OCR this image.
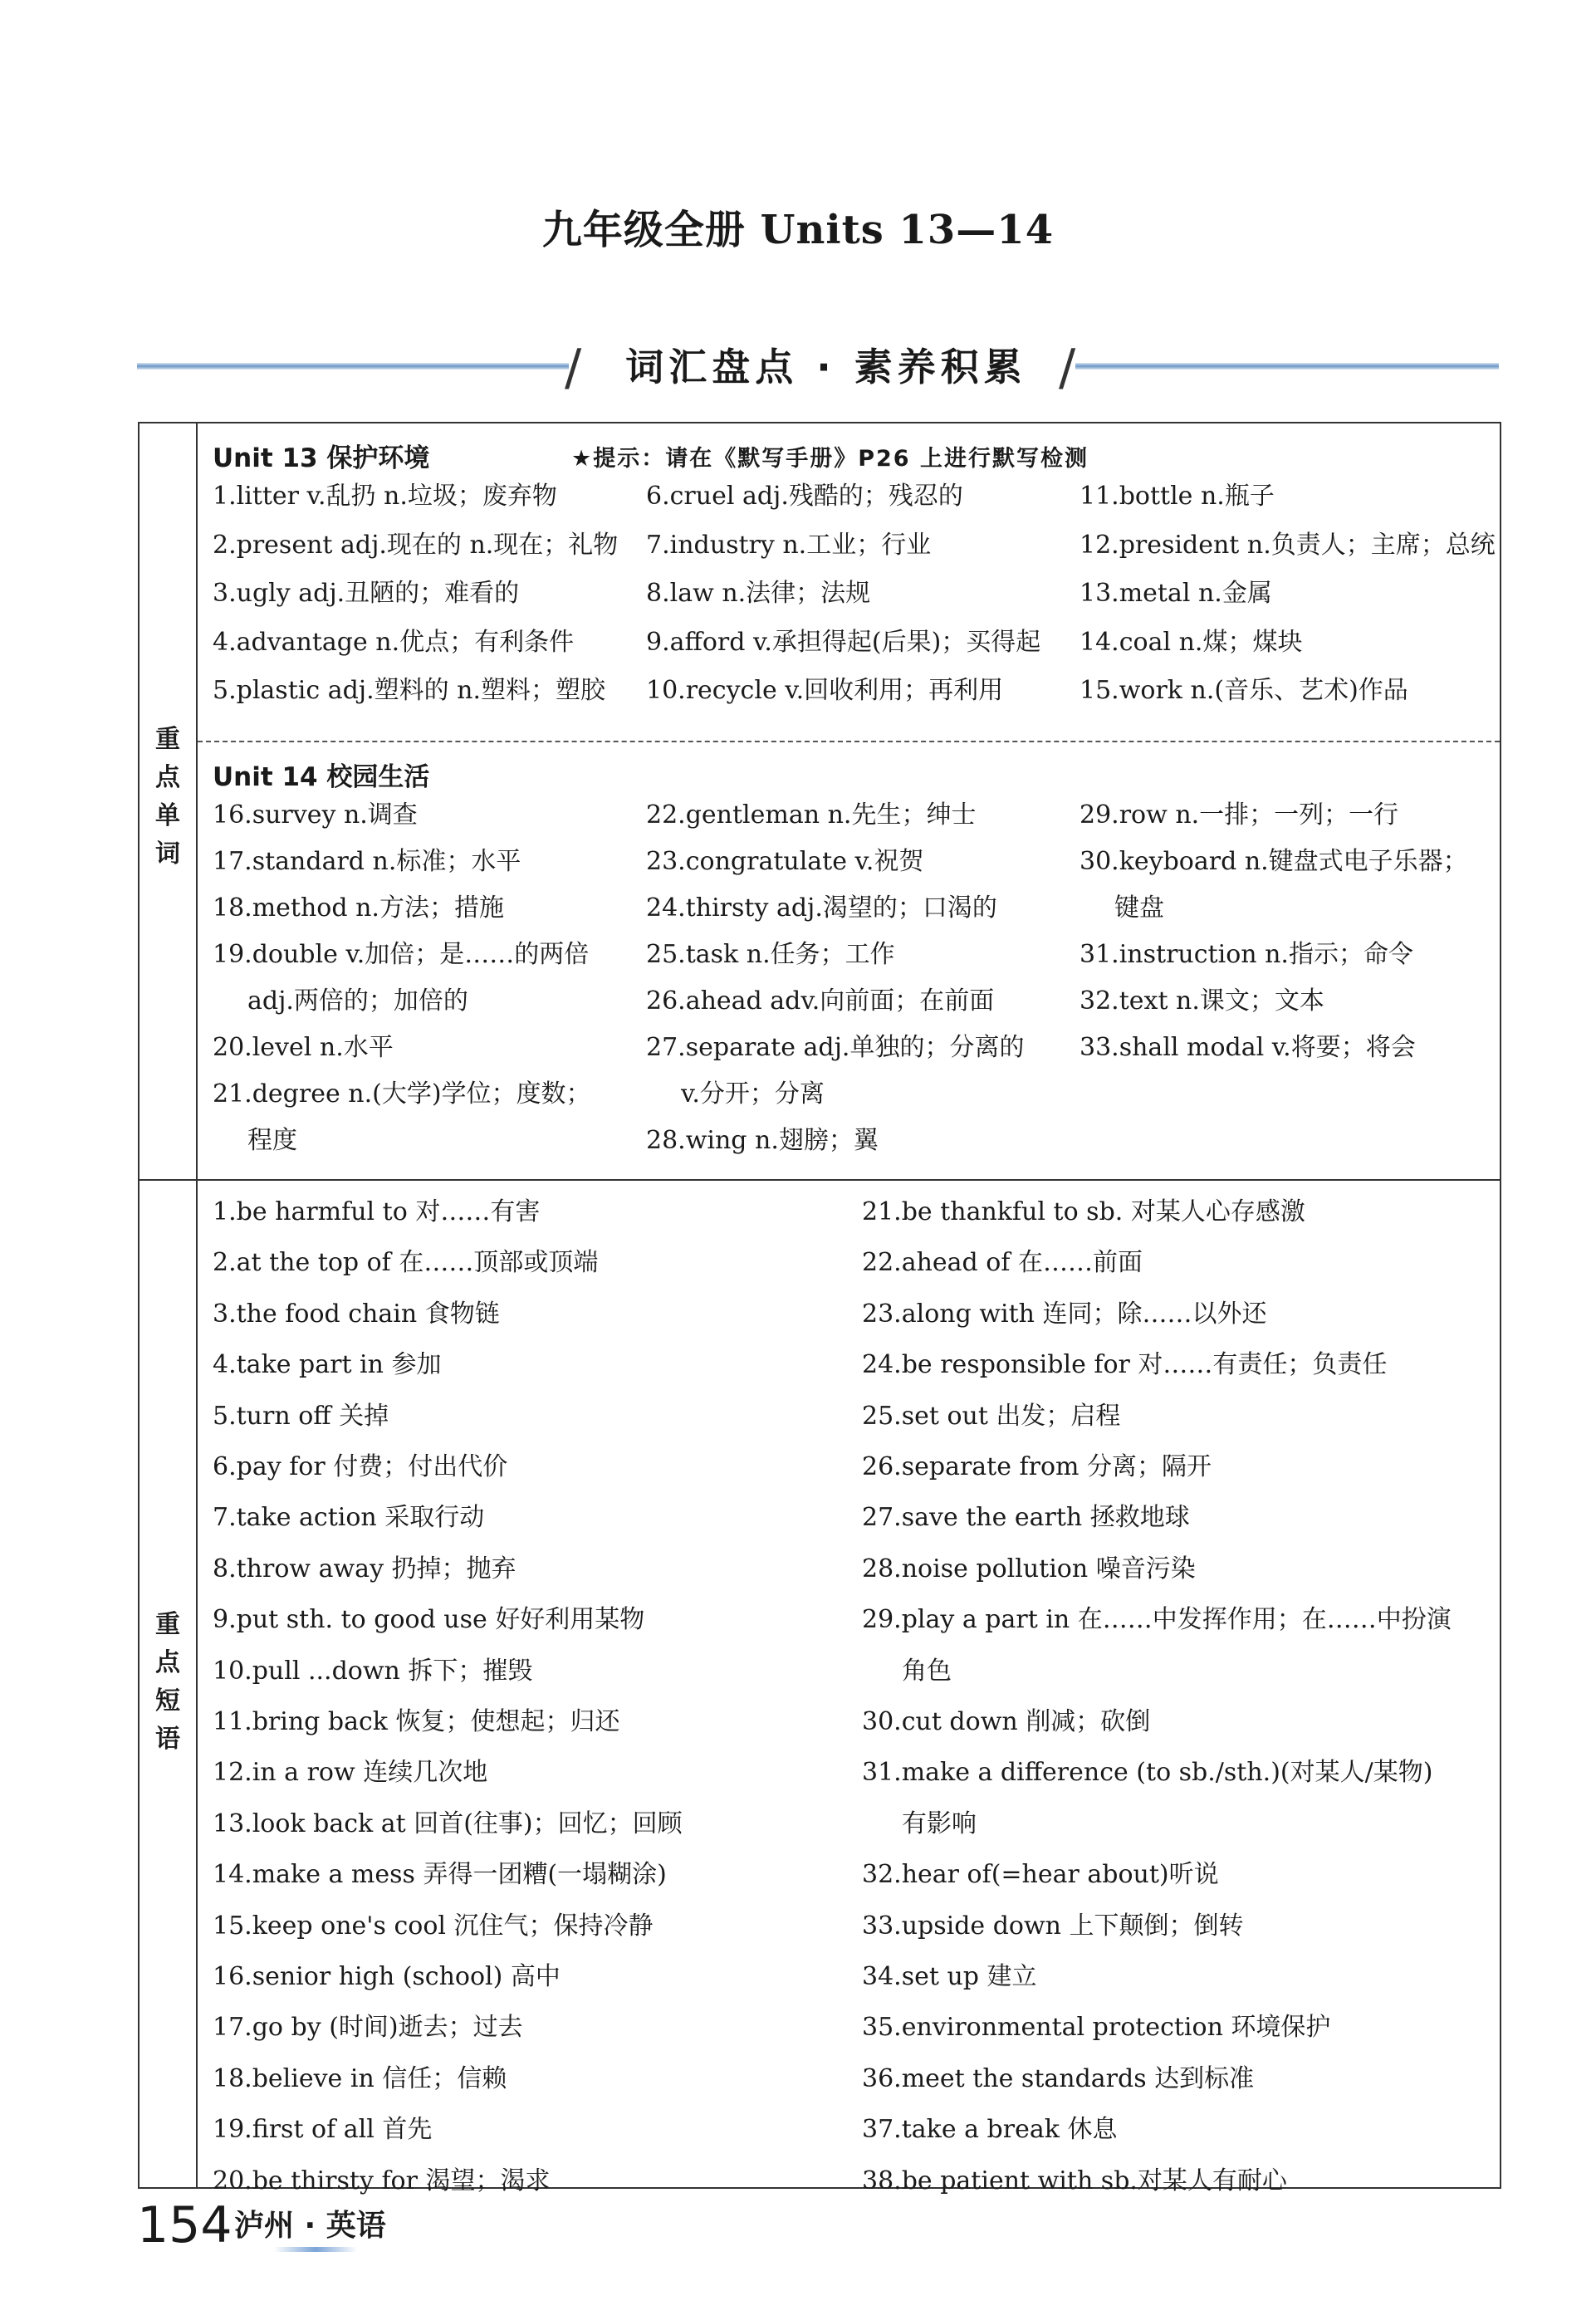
九年级全册 Units 13—14
/	词汇盘点 · 素养积累 /
重
点
单
词
重
点
短
语
Unit 13 保护环境	★提示：请在《默写手册》P26 上进行默写检测
1.litter v.乱扔 n.垃圾；废弃物
2.present adj.现在的 n.现在；礼物
3.ugly adj.丑陋的；难看的
4.advantage n.优点；有利条件
5.plastic adj.塑料的 n.塑料；塑胶
6.cruel adj.残酷的；残忍的
7.industry n.工业；行业
8.law n.法律；法规
9.afford v.承担得起(后果)；买得起
10.recycle v.回收利用；再利用
11.bottle n.瓶子
12.president n.负责人；主席；总统
13.metal n.金属
14.coal n.煤；煤块
15.work n.(音乐、艺术)作品
Unit 14 校园生活
16.survey n.调查
17.standard n.标准；水平
18.method n.方法；措施
19.double v.加倍；是……的两倍
adj.两倍的；加倍的
20.level n.水平
21.degree n.(大学)学位；度数；
程度
22.gentleman n.先生；绅士
23.congratulate v.祝贺
24.thirsty adj.渴望的；口渴的
25.task n.任务；工作
26.ahead adv.向前面；在前面
27.separate adj.单独的；分离的
v.分开；分离
28.wing n.翅膀；翼
29.row n.一排；一列；一行
30.keyboard n.键盘式电子乐器；
键盘
31.instruction n.指示；命令
32.text n.课文；文本
33.shall modal v.将要；将会
1.be harmful to 对……有害
2.at the top of 在……顶部或顶端
3.the food chain 食物链
4.take part in 参加
5.turn off 关掉
6.pay for 付费；付出代价
7.take action 采取行动
8.throw away 扔掉；抛弃
9.put sth. to good use 好好利用某物
10.pull ...down 拆下；摧毁
11.bring back 恢复；使想起；归还
12.in a row 连续几次地
13.look back at 回首(往事)；回忆；回顾
14.make a mess 弄得一团糟(一塌糊涂)
15.keep one's cool 沉住气；保持冷静
16.senior high (school) 高中
17.go by (时间)逝去；过去
18.believe in 信任；信赖
19.first of all 首先
20.be thirsty for 渴望；渴求
21.be thankful to sb. 对某人心存感激
22.ahead of 在……前面
23.along with 连同；除……以外还
24.be responsible for 对……有责任；负责任
25.set out 出发；启程
26.separate from 分离；隔开
27.save the earth 拯救地球
28.noise pollution 噪音污染
29.play a part in 在……中发挥作用；在……中扮演
角色
30.cut down 削减；砍倒
31.make a difference (to sb./sth.)(对某人/某物)
有影响
32.hear of(=hear about)听说
33.upside down 上下颠倒；倒转
34.set up 建立
35.environmental protection 环境保护
36.meet the standards 达到标准
37.take a break 休息
38.be patient with sb.对某人有耐心
154 泸州 · 英语
